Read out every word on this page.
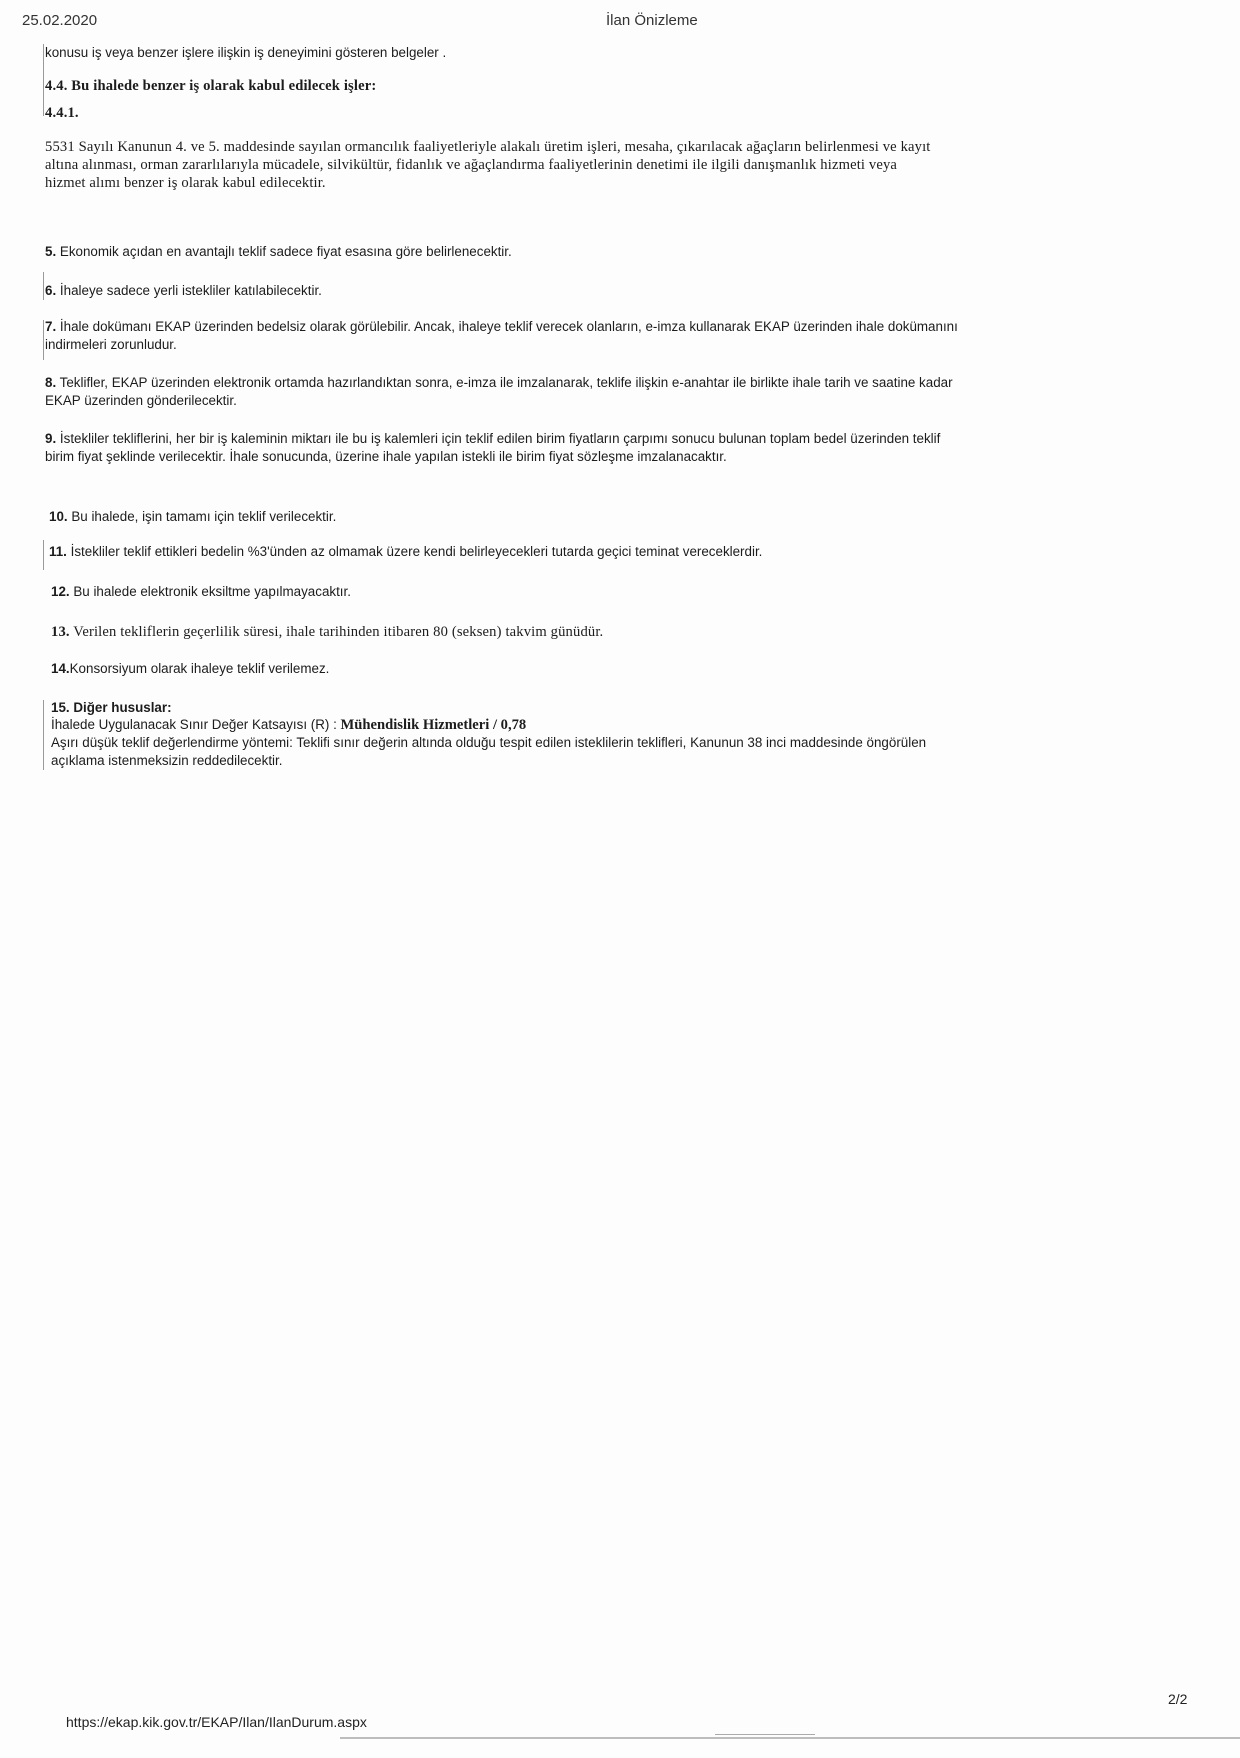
25.02.2020	İlan Önizleme

konusu iş veya benzer işlere ilişkin iş deneyimini gösteren belgeler .

4.4. Bu ihalede benzer iş olarak kabul edilecek işler:

4.4.1.

5531 Sayılı Kanunun 4. ve 5. maddesinde sayılan ormancılık faaliyetleriyle alakalı üretim işleri, mesaha, çıkarılacak ağaçların belirlenmesi ve kayıt

altına alınması, orman zararlılarıyla mücadele, silvikültür, fidanlık ve ağaçlandırma faaliyetlerinin denetimi ile ilgili danışmanlık hizmeti veya

hizmet alımı benzer iş olarak kabul edilecektir.

5. Ekonomik açıdan en avantajlı teklif sadece fiyat esasına göre belirlenecektir.

6. İhaleye sadece yerli istekliler katılabilecektir.

7. İhale dokümanı EKAP üzerinden bedelsiz olarak görülebilir. Ancak, ihaleye teklif verecek olanların, e-imza kullanarak EKAP üzerinden ihale dokümanını

indirmeleri zorunludur.

8. Teklifler, EKAP üzerinden elektronik ortamda hazırlandıktan sonra, e-imza ile imzalanarak, teklife ilişkin e-anahtar ile birlikte ihale tarih ve saatine kadar

EKAP üzerinden gönderilecektir.

9. İstekliler tekliflerini, her bir iş kaleminin miktarı ile bu iş kalemleri için teklif edilen birim fiyatların çarpımı sonucu bulunan toplam bedel üzerinden teklif

birim fiyat şeklinde verilecektir. İhale sonucunda, üzerine ihale yapılan istekli ile birim fiyat sözleşme imzalanacaktır.

10. Bu ihalede, işin tamamı için teklif verilecektir.

11. İstekliler teklif ettikleri bedelin %3'ünden az olmamak üzere kendi belirleyecekleri tutarda geçici teminat vereceklerdir.

12. Bu ihalede elektronik eksiltme yapılmayacaktır.

13. Verilen tekliflerin geçerlilik süresi, ihale tarihinden itibaren 80 (seksen) takvim günüdür.

14.Konsorsiyum olarak ihaleye teklif verilemez.

15. Diğer hususlar:

İhalede Uygulanacak Sınır Değer Katsayısı (R) : Mühendislik Hizmetleri / 0,78

Aşırı düşük teklif değerlendirme yöntemi: Teklifi sınır değerin altında olduğu tespit edilen isteklilerin teklifleri, Kanunun 38 inci maddesinde öngörülen

açıklama istenmeksizin reddedilecektir.

https://ekap.kik.gov.tr/EKAP/Ilan/IlanDurum.aspx
2/2
